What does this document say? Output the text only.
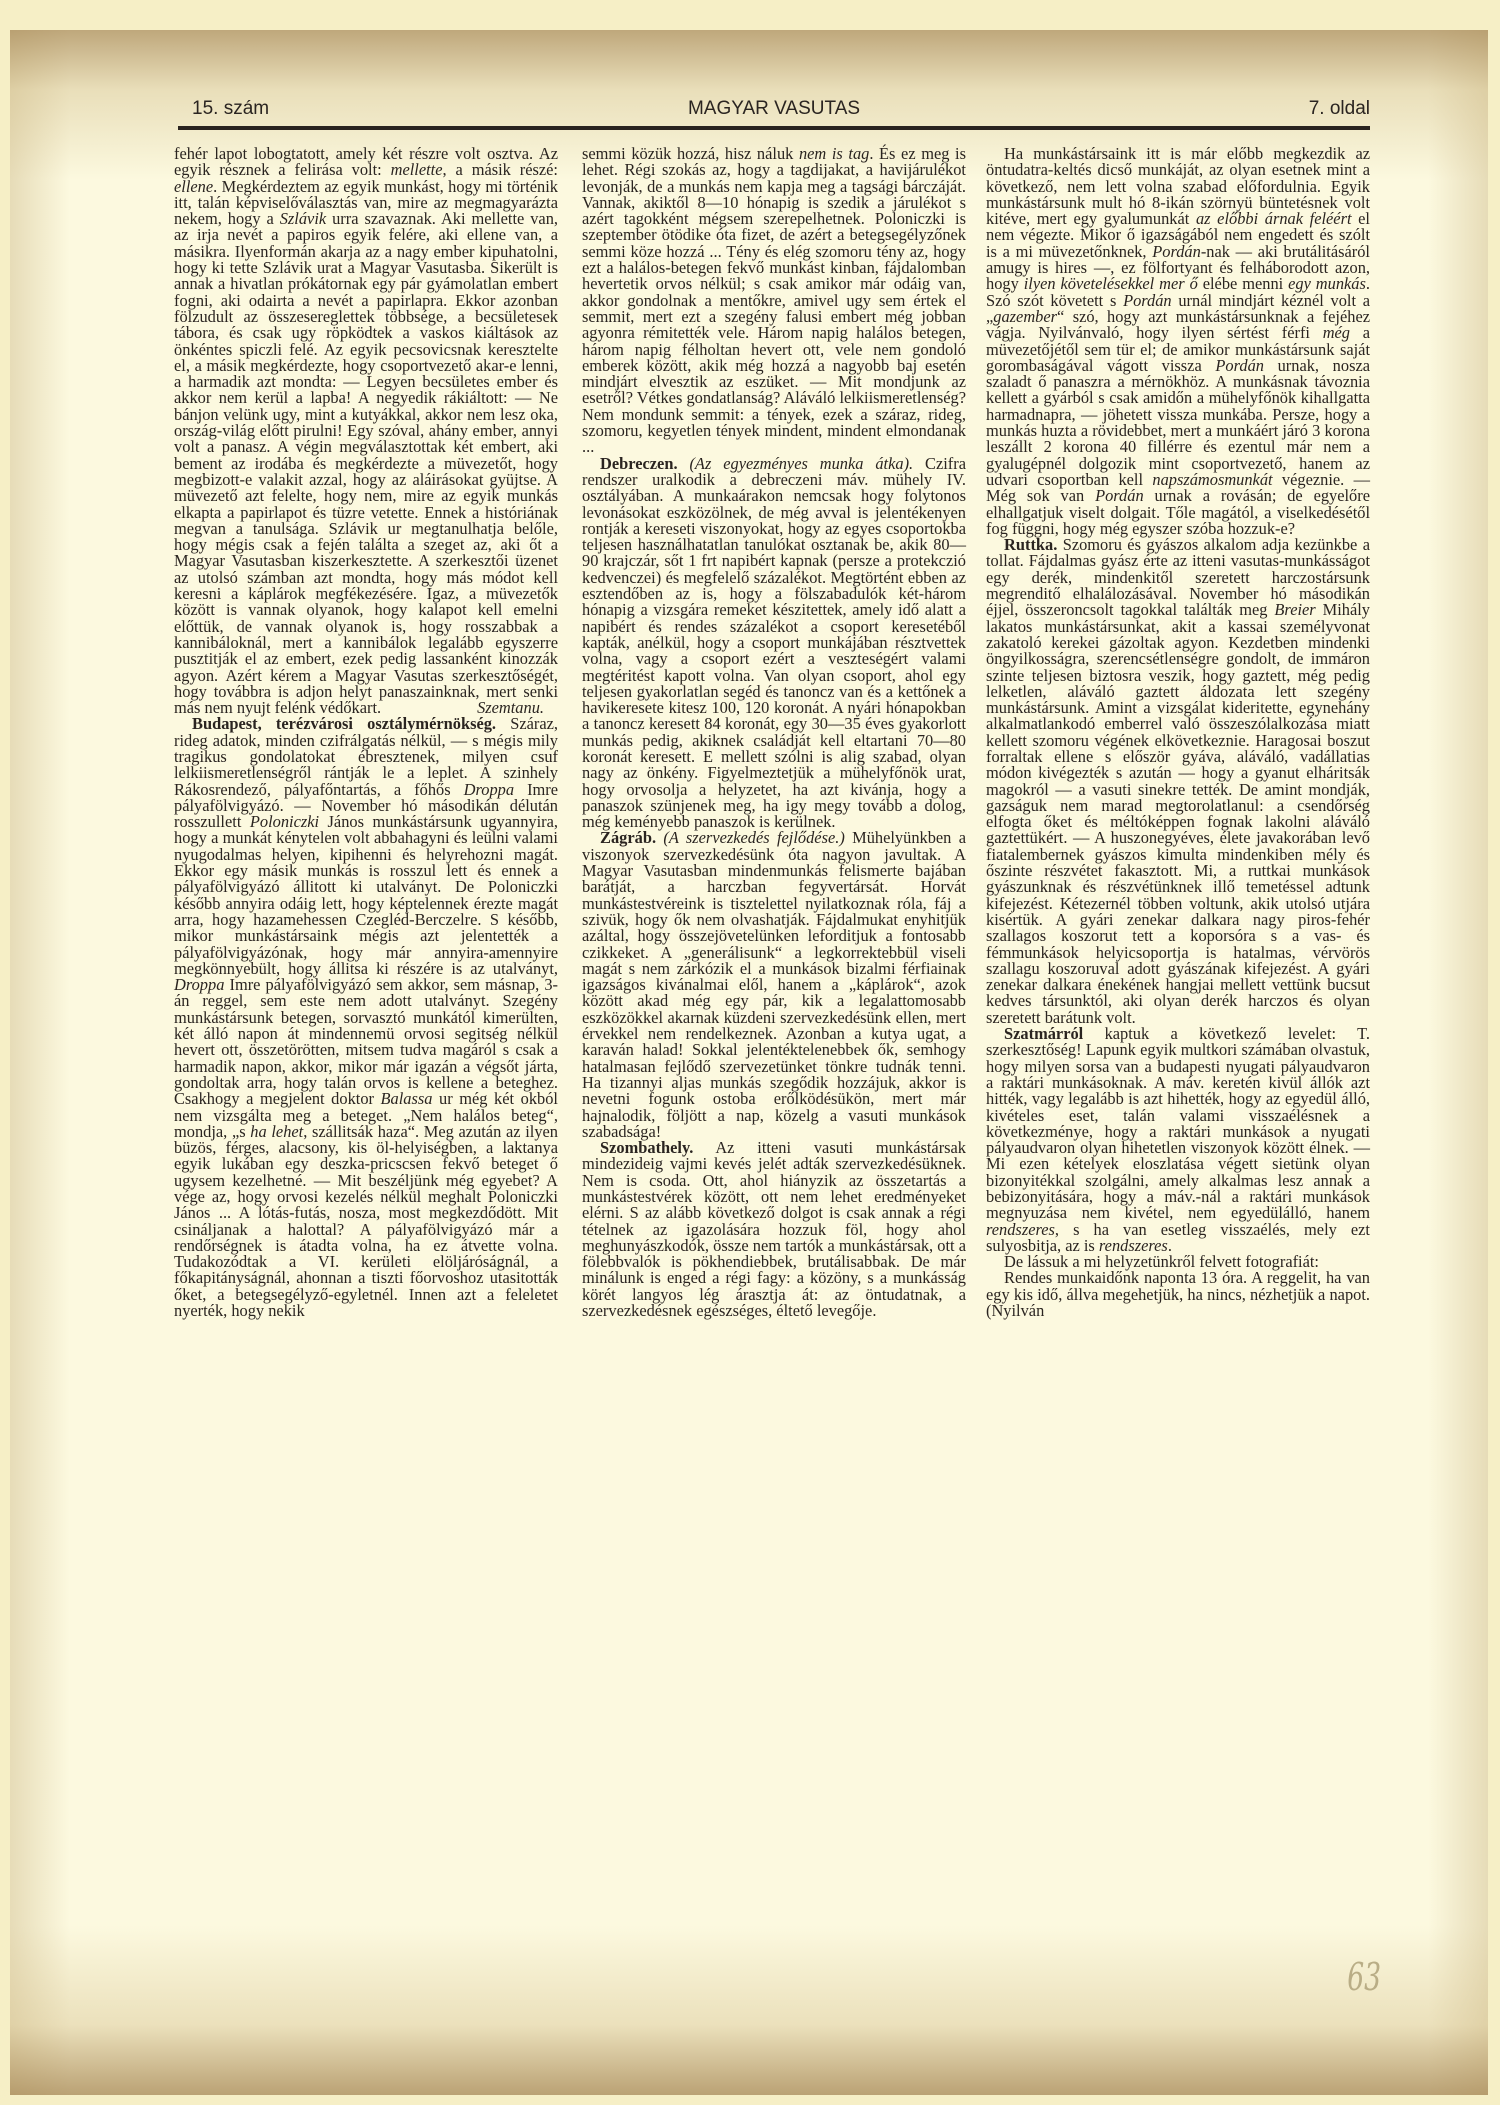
15. szám	MAGYAR VASUTAS	7. oldal

fehér lapot lobogtatott, amely két részre volt osztva. Az egyik résznek a felirása volt: mellette, a másik részé: ellene. Megkérdeztem az egyik munkást, hogy mi történik itt, talán képviselőválasztás van, mire az megmagyarázta nekem, hogy a Szlávik urra szavaznak. Aki mellette van, az irja nevét a papiros egyik felére, aki ellene van, a másikra. Ilyenformán akarja az a nagy ember kipuhatolni, hogy ki tette Szlávik urat a Magyar Vasutasba. Sikerült is annak a hivatlan prókátornak egy pár gyámolatlan embert fogni, aki odairta a nevét a papirlapra. Ekkor azonban fölzudult az összesereglettek többsége, a becsületesek tábora, és csak ugy röpködtek a vaskos kiáltások az önkéntes spiczli felé. Az egyik pecsovicsnak keresztelte el, a másik megkérdezte, hogy csoportvezető akar-e lenni, a harmadik azt mondta: — Legyen becsületes ember és akkor nem kerül a lapba! A negyedik rákiáltott: — Ne bánjon velünk ugy, mint a kutyákkal, akkor nem lesz oka, ország-világ előtt pirulni! Egy szóval, ahány ember, annyi volt a panasz. A végin megválasztottak két embert, aki bement az irodába és megkérdezte a müvezetőt, hogy megbizott-e valakit azzal, hogy az aláirásokat gyüjtse. A müvezető azt felelte, hogy nem, mire az egyik munkás elkapta a papirlapot és tüzre vetette. Ennek a históriának megvan a tanulsága. Szlávik ur megtanulhatja belőle, hogy mégis csak a fején találta a szeget az, aki őt a Magyar Vasutasban kiszerkesztette. A szerkesztői üzenet az utolsó számban azt mondta, hogy más módot kell keresni a káplárok megfékezésére. Igaz, a müvezetők között is vannak olyanok, hogy kalapot kell emelni előttük, de vannak olyanok is, hogy rosszabbak a kannibáloknál, mert a kannibálok legalább egyszerre pusztitják el az embert, ezek pedig lassanként kinozzák agyon. Azért kérem a Magyar Vasutas szerkesztőségét, hogy továbbra is adjon helyt panaszainknak, mert senki más nem nyujt felénk védőkart.	Szemtanu.

Budapest, terézvárosi osztálymérnökség. Száraz, rideg adatok, minden czifrálgatás nélkül, — s mégis mily tragikus gondolatokat ébresztenek, milyen csuf lelkiismeretlenségről rántják le a leplet. A szinhely Rákosrendező, pályafőntartás, a főhős Droppa Imre pályafölvigyázó. — November hó másodikán délután rosszullett Poloniczki János munkástársunk ugyannyira, hogy a munkát kénytelen volt abbahagyni és leülni valami nyugodalmas helyen, kipihenni és helyrehozni magát. Ekkor egy másik munkás is rosszul lett és ennek a pályafölvigyázó állitott ki utalványt. De Poloniczki később annyira odáig lett, hogy képtelennek érezte magát arra, hogy hazamehessen Czegléd-Berczelre. S később, mikor munkástársaink mégis azt jelentették a pályafölvigyázónak, hogy már annyira-amennyire megkönnyebült, hogy állitsa ki részére is az utalványt, Droppa Imre pályafölvigyázó sem akkor, sem másnap, 3-án reggel, sem este nem adott utalványt. Szegény munkástársunk betegen, sorvasztó munkától kimerülten, két álló napon át mindennemü orvosi segitség nélkül hevert ott, összetörötten, mitsem tudva magáról s csak a harmadik napon, akkor, mikor már igazán a végsőt járta, gondoltak arra, hogy talán orvos is kellene a beteghez. Csakhogy a megjelent doktor Balassa ur még két okból nem vizsgálta meg a beteget. „Nem halálos beteg“, mondja, „s ha lehet, szállitsák haza“. Meg azután az ilyen büzös, férges, alacsony, kis öl-helyiségben, a laktanya egyik lukában egy deszka-pricscsen fekvő beteget ő ugysem kezelhetné. — Mit beszéljünk még egyebet? A vége az, hogy orvosi kezelés nélkül meghalt Poloniczki János ... A lótás-futás, nosza, most megkezdődött. Mit csináljanak a halottal? A pályafölvigyázó már a rendőrségnek is átadta volna, ha ez átvette volna. Tudakozódtak a VI. kerületi elöljáróságnál, a főkapitányságnál, ahonnan a tiszti főorvoshoz utasitották őket, a betegsegélyző-egyletnél. Innen azt a feleletet nyerték, hogy nekik

semmi közük hozzá, hisz náluk nem is tag. És ez meg is lehet. Régi szokás az, hogy a tagdijakat, a havijárulékot levonják, de a munkás nem kapja meg a tagsági bárczáját. Vannak, akiktől 8—10 hónapig is szedik a járulékot s azért tagokként mégsem szerepelhetnek. Poloniczki is szeptember ötödike óta fizet, de azért a betegsegélyzőnek semmi köze hozzá ... Tény és elég szomoru tény az, hogy ezt a halálos-betegen fekvő munkást kinban, fájdalomban hevertetik orvos nélkül; s csak amikor már odáig van, akkor gondolnak a mentőkre, amivel ugy sem értek el semmit, mert ezt a szegény falusi embert még jobban agyonra rémitették vele. Három napig halálos betegen, három napig félholtan hevert ott, vele nem gondoló emberek között, akik még hozzá a nagyobb baj esetén mindjárt elvesztik az eszüket. — Mit mondjunk az esetről? Vétkes gondatlanság? Aláváló lelkiismeretlenség? Nem mondunk semmit: a tények, ezek a száraz, rideg, szomoru, kegyetlen tények mindent, mindent elmondanak ...

Debreczen. (Az egyezményes munka átka). Czifra rendszer uralkodik a debreczeni máv. mühely IV. osztályában. A munkaárakon nemcsak hogy folytonos levonásokat eszközölnek, de még avval is jelentékenyen rontják a kereseti viszonyokat, hogy az egyes csoportokba teljesen használhatatlan tanulókat osztanak be, akik 80—90 krajczár, sőt 1 frt napibért kapnak (persze a protekczió kedvenczei) és megfelelő százalékot. Megtörtént ebben az esztendőben az is, hogy a fölszabadulók két-három hónapig a vizsgára remeket készitettek, amely idő alatt a napibért és rendes százalékot a csoport keresetéből kapták, anélkül, hogy a csoport munkájában résztvettek volna, vagy a csoport ezért a veszteségért valami megtéritést kapott volna. Van olyan csoport, ahol egy teljesen gyakorlatlan segéd és tanoncz van és a kettőnek a havikeresete kitesz 100, 120 koronát. A nyári hónapokban a tanoncz keresett 84 koronát, egy 30—35 éves gyakorlott munkás pedig, akiknek családját kell eltartani 70—80 koronát keresett. E mellett szólni is alig szabad, olyan nagy az önkény. Figyelmeztetjük a mühelyfőnök urat, hogy orvosolja a helyzetet, ha azt kivánja, hogy a panaszok szünjenek meg, ha igy megy tovább a dolog, még keményebb panaszok is kerülnek.

Zágráb. (A szervezkedés fejlődése.) Mühelyünkben a viszonyok szervezkedésünk óta nagyon javultak. A Magyar Vasutasban mindenmunkás felismerte bajában barátját, a harczban fegyvertársát. Horvát munkástestvéreink is tisztelettel nyilatkoznak róla, fáj a szivük, hogy ők nem olvashatják. Fájdalmukat enyhitjük azáltal, hogy összejövetelünken leforditjuk a fontosabb czikkeket. A „generálisunk“ a legkorrektebbül viseli magát s nem zárkózik el a munkások bizalmi férfiainak igazságos kivánalmai elől, hanem a „káplárok“, azok között akad még egy pár, kik a legalattomosabb eszközökkel akarnak küzdeni szervezkedésünk ellen, mert érvekkel nem rendelkeznek. Azonban a kutya ugat, a karaván halad! Sokkal jelentéktelenebbek ők, semhogy hatalmasan fejlődő szervezetünket tönkre tudnák tenni. Ha tizannyi aljas munkás szegődik hozzájuk, akkor is nevetni fogunk ostoba erőlködésükön, mert már hajnalodik, följött a nap, közelg a vasuti munkások szabadsága!

Szombathely. Az itteni vasuti munkástársak mindezideig vajmi kevés jelét adták szervezkedésüknek. Nem is csoda. Ott, ahol hiányzik az összetartás a munkástestvérek között, ott nem lehet eredményeket elérni. S az alább következő dolgot is csak annak a régi tételnek az igazolására hozzuk föl, hogy ahol meghunyászkodók, össze nem tartók a munkástársak, ott a fölebbvalók is pökhendiebbek, brutálisabbak. De már minálunk is enged a régi fagy: a közöny, s a munkásság körét langyos lég árasztja át: az öntudatnak, a szervezkedésnek egészséges, éltető levegője.

Ha munkástársaink itt is már előbb megkezdik az öntudatra-keltés dicső munkáját, az olyan esetnek mint a következő, nem lett volna szabad előfordulnia. Egyik munkástársunk mult hó 8-ikán szörnyü büntetésnek volt kitéve, mert egy gyalumunkát az előbbi árnak feléért el nem végezte. Mikor ő igazságából nem engedett és szólt is a mi müvezetőnknek, Pordán-nak — aki brutálitásáról amugy is hires —, ez fölfortyant és felháborodott azon, hogy ilyen követelésekkel mer ő elébe menni egy munkás. Szó szót követett s Pordán urnál mindjárt kéznél volt a „gazember“ szó, hogy azt munkástársunknak a fejéhez vágja. Nyilvánvaló, hogy ilyen sértést férfi még a müvezetőjétől sem tür el; de amikor munkástársunk saját gorombaságával vágott vissza Pordán urnak, nosza szaladt ő panaszra a mérnökhöz. A munkásnak távoznia kellett a gyárból s csak amidőn a mühelyfőnök kihallgatta harmadnapra, — jöhetett vissza munkába. Persze, hogy a munkás huzta a rövidebbet, mert a munkáért járó 3 korona leszállt 2 korona 40 fillérre és ezentul már nem a gyalugépnél dolgozik mint csoportvezető, hanem az udvari csoportban kell napszámosmunkát végeznie. — Még sok van Pordán urnak a rovásán; de egyelőre elhallgatjuk viselt dolgait. Tőle magától, a viselkedésétől fog függni, hogy még egyszer szóba hozzuk-e?

Ruttka. Szomoru és gyászos alkalom adja kezünkbe a tollat. Fájdalmas gyász érte az itteni vasutas-munkásságot egy derék, mindenkitől szeretett harczostársunk megrenditő elhalálozásával. November hó másodikán éjjel, összeroncsolt tagokkal találták meg Breier Mihály lakatos munkástársunkat, akit a kassai személyvonat zakatoló kerekei gázoltak agyon. Kezdetben mindenki öngyilkosságra, szerencsétlenségre gondolt, de immáron szinte teljesen biztosra veszik, hogy gaztett, még pedig lelketlen, aláváló gaztett áldozata lett szegény munkástársunk. Amint a vizsgálat kideritette, egynehány alkalmatlankodó emberrel való összeszólalkozása miatt kellett szomoru végének elkövetkeznie. Haragosai boszut forraltak ellene s először gyáva, aláváló, vadállatias módon kivégezték s azután — hogy a gyanut elháritsák magokról — a vasuti sinekre tették. De amint mondják, gazságuk nem marad megtorolatlanul: a csendőrség elfogta őket és méltóképpen fognak lakolni aláváló gaztettükért. — A huszonegyéves, élete javakorában levő fiatalembernek gyászos kimulta mindenkiben mély és őszinte részvétet fakasztott. Mi, a ruttkai munkások gyászunknak és részvétünknek illő temetéssel adtunk kifejezést. Kétezernél többen voltunk, akik utolsó utjára kisértük. A gyári zenekar dalkara nagy piros-fehér szallagos koszorut tett a koporsóra s a vas- és fémmunkások helyicsoportja is hatalmas, vérvörös szallagu koszoruval adott gyászának kifejezést. A gyári zenekar dalkara énekének hangjai mellett vettünk bucsut kedves társunktól, aki olyan derék harczos és olyan szeretett barátunk volt.

Szatmárról kaptuk a következő levelet: T. szerkesztőség! Lapunk egyik multkori számában olvastuk, hogy milyen sorsa van a budapesti nyugati pályaudvaron a raktári munkásoknak. A máv. keretén kivül állók azt hitték, vagy legalább is azt hihették, hogy az egyedül álló, kivételes eset, talán valami visszaélésnek a következménye, hogy a raktári munkások a nyugati pályaudvaron olyan hihetetlen viszonyok között élnek. — Mi ezen kételyek eloszlatása végett sietünk olyan bizonyitékkal szolgálni, amely alkalmas lesz annak a bebizonyitására, hogy a máv.-nál a raktári munkások megnyuzása nem kivétel, nem egyedülálló, hanem rendszeres, s ha van esetleg visszaélés, mely ezt sulyosbitja, az is rendszeres.

De lássuk a mi helyzetünkről felvett fotografiát:

Rendes munkaidőnk naponta 13 óra. A reggelit, ha van egy kis idő, állva megehetjük, ha nincs, nézhetjük a napot. (Nyilván

63
